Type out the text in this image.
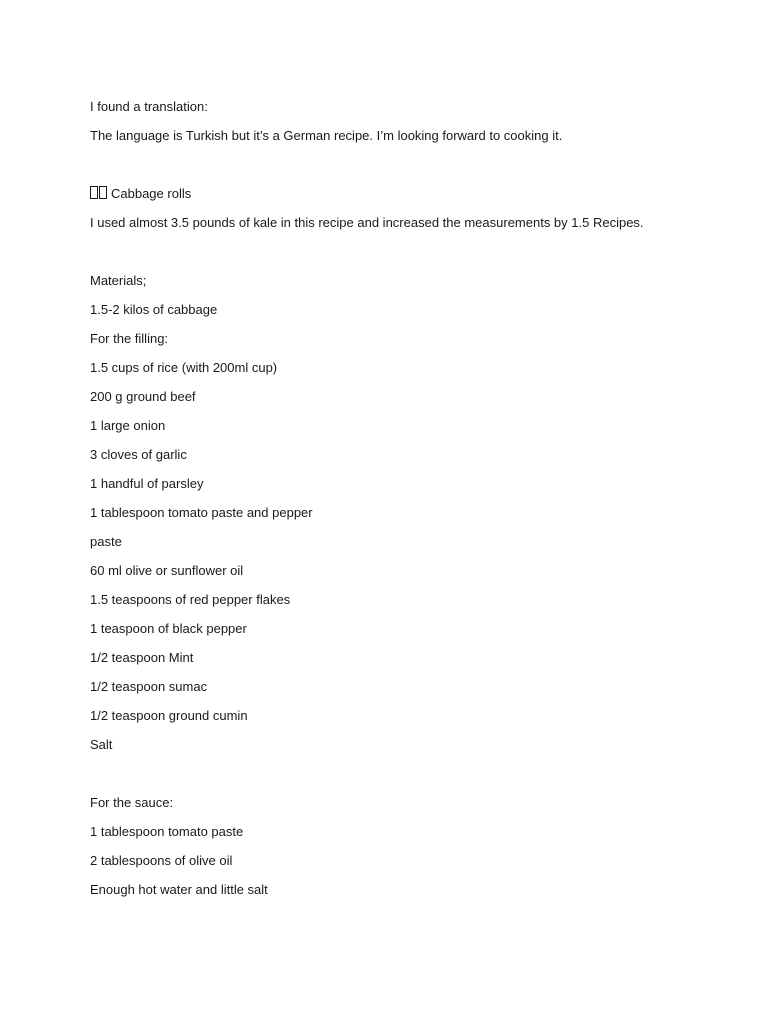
I found a translation:
The language is Turkish but it’s a German recipe. I’m looking forward to cooking it.
Cabbage rolls
I used almost 3.5 pounds of kale in this recipe and increased the measurements by 1.5 Recipes.
Materials;
1.5-2 kilos of cabbage
For the filling:
1.5 cups of rice (with 200ml cup)
200 g ground beef
1 large onion
3 cloves of garlic
1 handful of parsley
1 tablespoon tomato paste and pepper
paste
60 ml olive or sunflower oil
1.5 teaspoons of red pepper flakes
1 teaspoon of black pepper
1/2 teaspoon Mint
1/2 teaspoon sumac
1/2 teaspoon ground cumin
Salt
For the sauce:
1 tablespoon tomato paste
2 tablespoons of olive oil
Enough hot water and little salt
